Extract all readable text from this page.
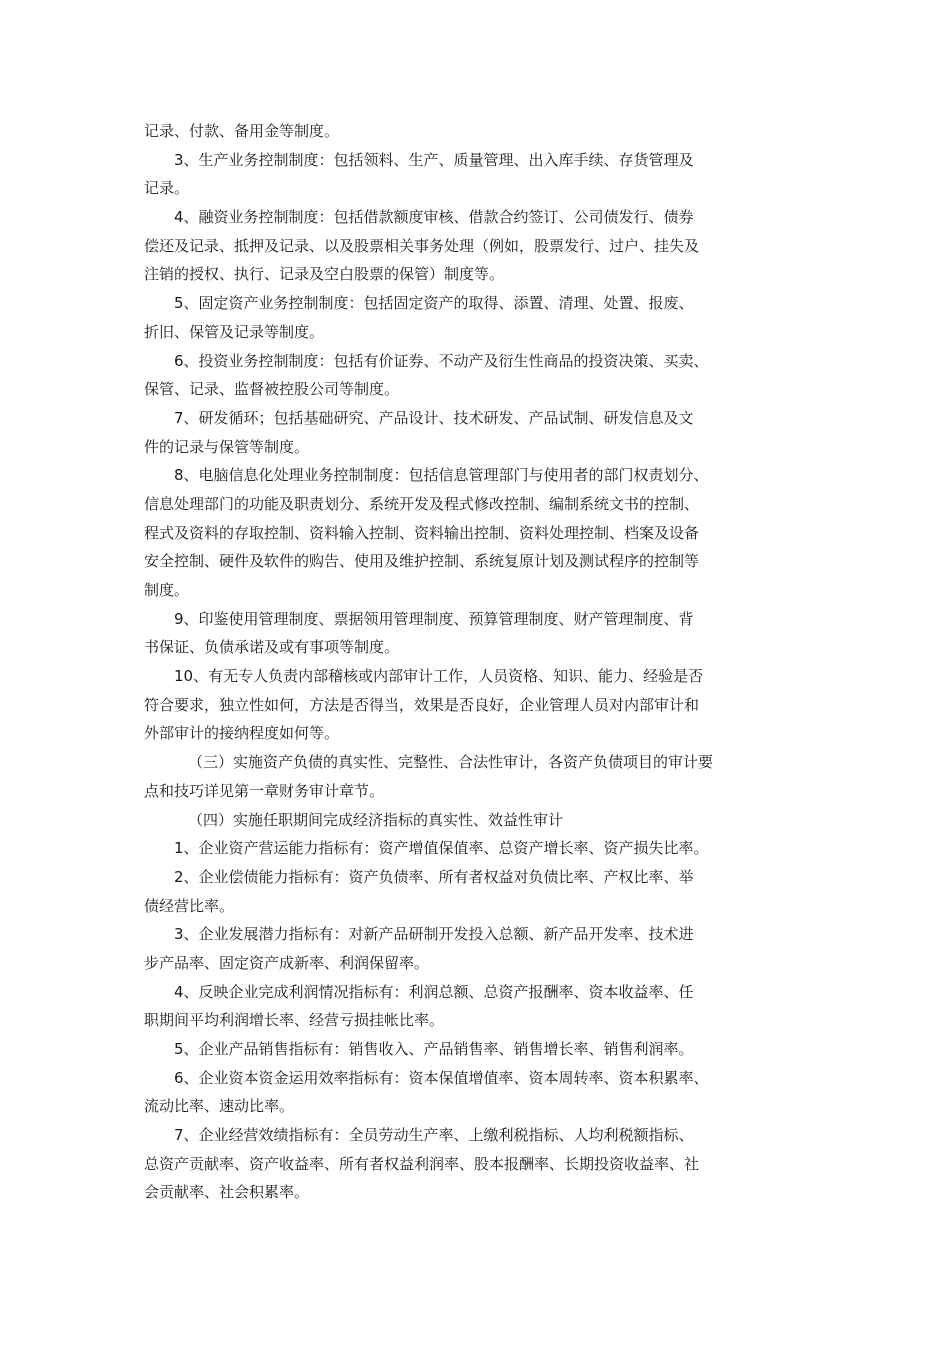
记录、付款、备用金等制度。
3、生产业务控制制度：包括领料、生产、质量管理、出入库手续、存货管理及
记录。
4、融资业务控制制度：包括借款额度审核、借款合约签订、公司债发行、债券
偿还及记录、抵押及记录、以及股票相关事务处理（例如，股票发行、过户、挂失及
注销的授权、执行、记录及空白股票的保管）制度等。
5、固定资产业务控制制度：包括固定资产的取得、添置、清理、处置、报废、
折旧、保管及记录等制度。
6、投资业务控制制度：包括有价证券、不动产及衍生性商品的投资决策、买卖、
保管、记录、监督被控股公司等制度。
7、研发循环；包括基础研究、产品设计、技术研发、产品试制、研发信息及文
件的记录与保管等制度。
8、电脑信息化处理业务控制制度：包括信息管理部门与使用者的部门权责划分、
信息处理部门的功能及职责划分、系统开发及程式修改控制、编制系统文书的控制、
程式及资料的存取控制、资料输入控制、资料输出控制、资料处理控制、档案及设备
安全控制、硬件及软件的购告、使用及维护控制、系统复原计划及测试程序的控制等
制度。
9、印鉴使用管理制度、票据领用管理制度、预算管理制度、财产管理制度、背
书保证、负债承诺及或有事项等制度。
10、有无专人负责内部稽核或内部审计工作，人员资格、知识、能力、经验是否
符合要求，独立性如何，方法是否得当，效果是否良好，企业管理人员对内部审计和
外部审计的接纳程度如何等。
（三）实施资产负债的真实性、完整性、合法性审计，各资产负债项目的审计要
点和技巧详见第一章财务审计章节。
（四）实施任职期间完成经济指标的真实性、效益性审计
1、企业资产营运能力指标有：资产增值保值率、总资产增长率、资产损失比率。
2、企业偿债能力指标有：资产负债率、所有者权益对负债比率、产权比率、举
债经营比率。
3、企业发展潜力指标有：对新产品研制开发投入总额、新产品开发率、技术进
步产品率、固定资产成新率、利润保留率。
4、反映企业完成利润情况指标有：利润总额、总资产报酬率、资本收益率、任
职期间平均利润增长率、经营亏损挂帐比率。
5、企业产品销售指标有：销售收入、产品销售率、销售增长率、销售利润率。
6、企业资本资金运用效率指标有：资本保值增值率、资本周转率、资本积累率、
流动比率、速动比率。
7、企业经营效绩指标有：全员劳动生产率、上缴利税指标、人均利税额指标、
总资产贡献率、资产收益率、所有者权益利润率、股本报酬率、长期投资收益率、社
会贡献率、社会积累率。
